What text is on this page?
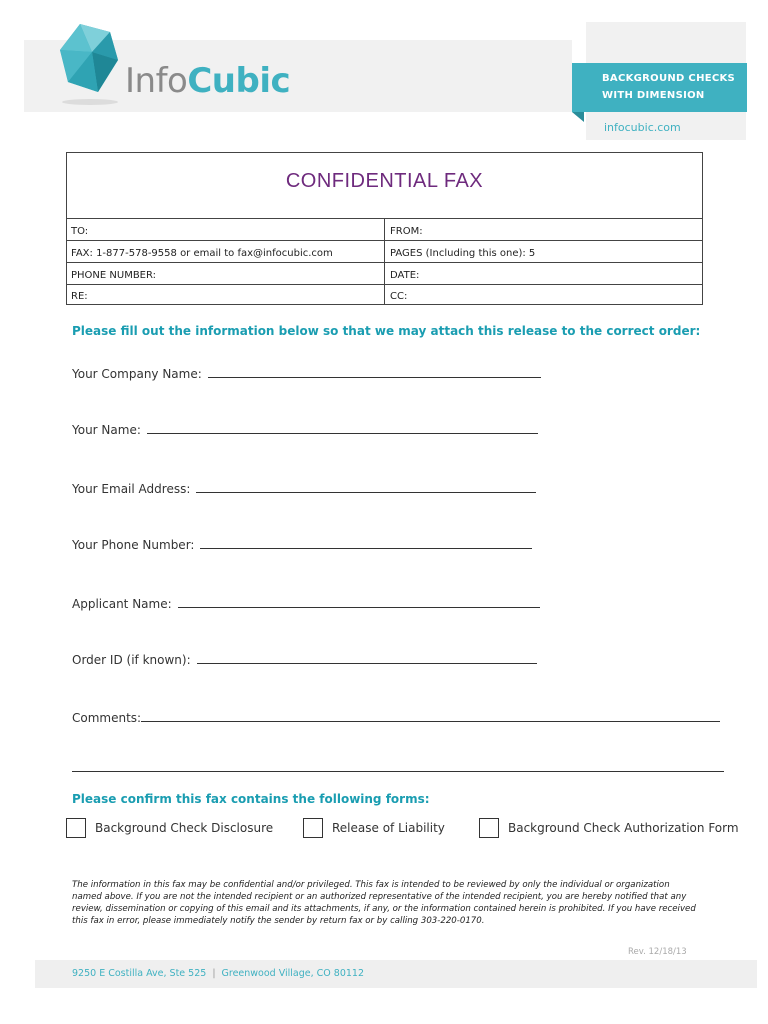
InfoCubic	BACKGROUND CHECKS
WITH DIMENSION
infocubic.com
CONFIDENTIAL FAX
TO:	FROM:
FAX: 1-877-578-9558 or email to fax@infocubic.com	PAGES (Including this one): 5
PHONE NUMBER:	DATE:
RE:	CC:
Please fill out the information below so that we may attach this release to the correct order:
Your Company Name:
Your Name:
Your Email Address:
Your Phone Number:
Applicant Name:
Order ID (if known):
Comments:
Please confirm this fax contains the following forms:
Background Check Disclosure	Release of Liability	Background Check Authorization Form
The information in this fax may be confidential and/or privileged. This fax is intended to be reviewed by only the individual or organization named above. If you are not the intended recipient or an authorized representative of the intended recipient, you are hereby notified that any review, dissemination or copying of this email and its attachments, if any, or the information contained herein is prohibited. If you have received this fax in error, please immediately notify the sender by return fax or by calling 303-220-0170.
Rev. 12/18/13
9250 E Costilla Ave, Ste 525 | Greenwood Village, CO 80112
